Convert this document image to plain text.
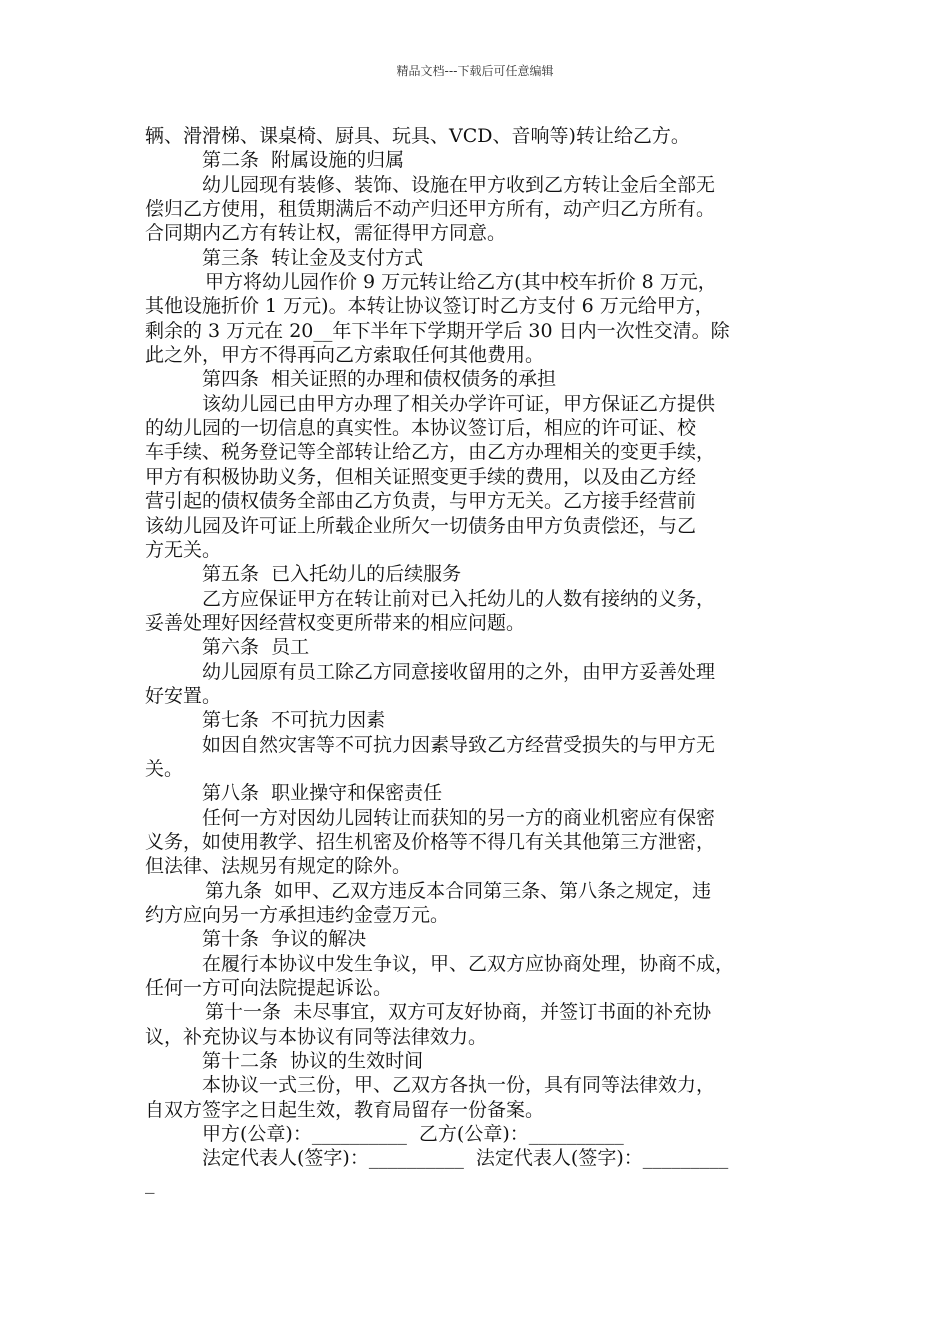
精品文档---下载后可任意编辑
辆、滑滑梯、课桌椅、厨具、玩具、VCD、音响等)转让给乙方。
第二条  附属设施的归属
幼儿园现有装修、装饰、设施在甲方收到乙方转让金后全部无
偿归乙方使用，租赁期满后不动产归还甲方所有，动产归乙方所有。
合同期内乙方有转让权，需征得甲方同意。
第三条  转让金及支付方式
甲方将幼儿园作价 9 万元转让给乙方(其中校车折价 8 万元，
其他设施折价 1 万元)。本转让协议签订时乙方支付 6 万元给甲方，
剩余的 3 万元在 20__年下半年下学期开学后 30 日内一次性交清。除
此之外，甲方不得再向乙方索取任何其他费用。
第四条  相关证照的办理和债权债务的承担
该幼儿园已由甲方办理了相关办学许可证，甲方保证乙方提供
的幼儿园的一切信息的真实性。本协议签订后，相应的许可证、校
车手续、税务登记等全部转让给乙方，由乙方办理相关的变更手续，
甲方有积极协助义务，但相关证照变更手续的费用，以及由乙方经
营引起的债权债务全部由乙方负责，与甲方无关。乙方接手经营前
该幼儿园及许可证上所载企业所欠一切债务由甲方负责偿还，与乙
方无关。
第五条  已入托幼儿的后续服务
乙方应保证甲方在转让前对已入托幼儿的人数有接纳的义务，
妥善处理好因经营权变更所带来的相应问题。
第六条  员工
幼儿园原有员工除乙方同意接收留用的之外，由甲方妥善处理
好安置。
第七条  不可抗力因素
如因自然灾害等不可抗力因素导致乙方经营受损失的与甲方无
关。
第八条  职业操守和保密责任
任何一方对因幼儿园转让而获知的另一方的商业机密应有保密
义务，如使用教学、招生机密及价格等不得几有关其他第三方泄密，
但法律、法规另有规定的除外。
第九条  如甲、乙双方违反本合同第三条、第八条之规定，违
约方应向另一方承担违约金壹万元。
第十条  争议的解决
在履行本协议中发生争议，甲、乙双方应协商处理，协商不成，
任何一方可向法院提起诉讼。
第十一条  未尽事宜，双方可友好协商，并签订书面的补充协
议，补充协议与本协议有同等法律效力。
第十二条  协议的生效时间
本协议一式三份，甲、乙双方各执一份，具有同等法律效力，
自双方签字之日起生效，教育局留存一份备案。
甲方(公章)：__________  乙方(公章)：__________
法定代表人(签字)：__________  法定代表人(签字)：_________
_
